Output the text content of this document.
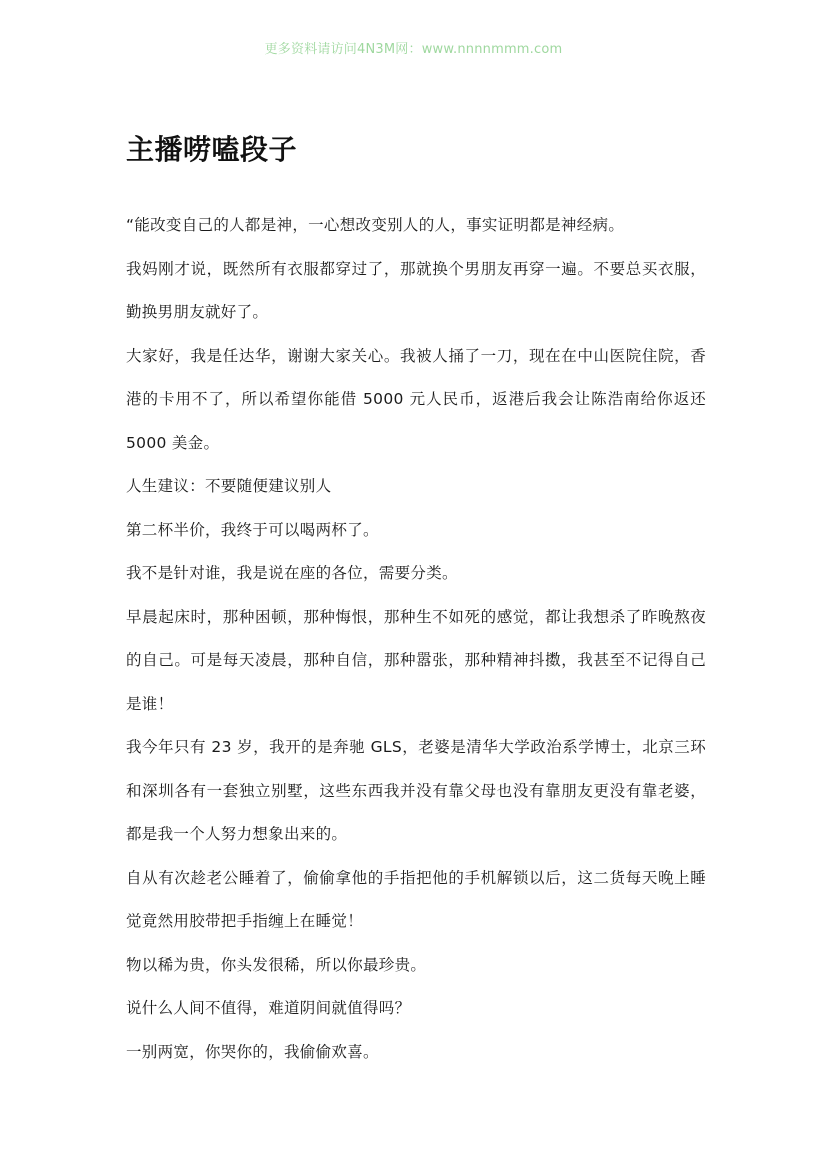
更多资料请访问4N3M网：www.nnnnmmm.com
主播唠嗑段子

“能改变自己的人都是神，一心想改变别人的人，事实证明都是神经病。

我妈刚才说，既然所有衣服都穿过了，那就换个男朋友再穿一遍。不要总买衣服，勤换男朋友就好了。

大家好，我是任达华，谢谢大家关心。我被人捅了一刀，现在在中山医院住院，香港的卡用不了，所以希望你能借 5000 元人民币，返港后我会让陈浩南给你返还 5000 美金。

人生建议：不要随便建议别人

第二杯半价，我终于可以喝两杯了。

我不是针对谁，我是说在座的各位，需要分类。

早晨起床时，那种困顿，那种悔恨，那种生不如死的感觉，都让我想杀了昨晚熬夜的自己。可是每天凌晨，那种自信，那种嚣张，那种精神抖擞，我甚至不记得自己是谁！

我今年只有 23 岁，我开的是奔驰 GLS，老婆是清华大学政治系学博士，北京三环和深圳各有一套独立别墅，这些东西我并没有靠父母也没有靠朋友更没有靠老婆，都是我一个人努力想象出来的。

自从有次趁老公睡着了，偷偷拿他的手指把他的手机解锁以后，这二货每天晚上睡觉竟然用胶带把手指缠上在睡觉！

物以稀为贵，你头发很稀，所以你最珍贵。

说什么人间不值得，难道阴间就值得吗？

一别两宽，你哭你的，我偷偷欢喜。
